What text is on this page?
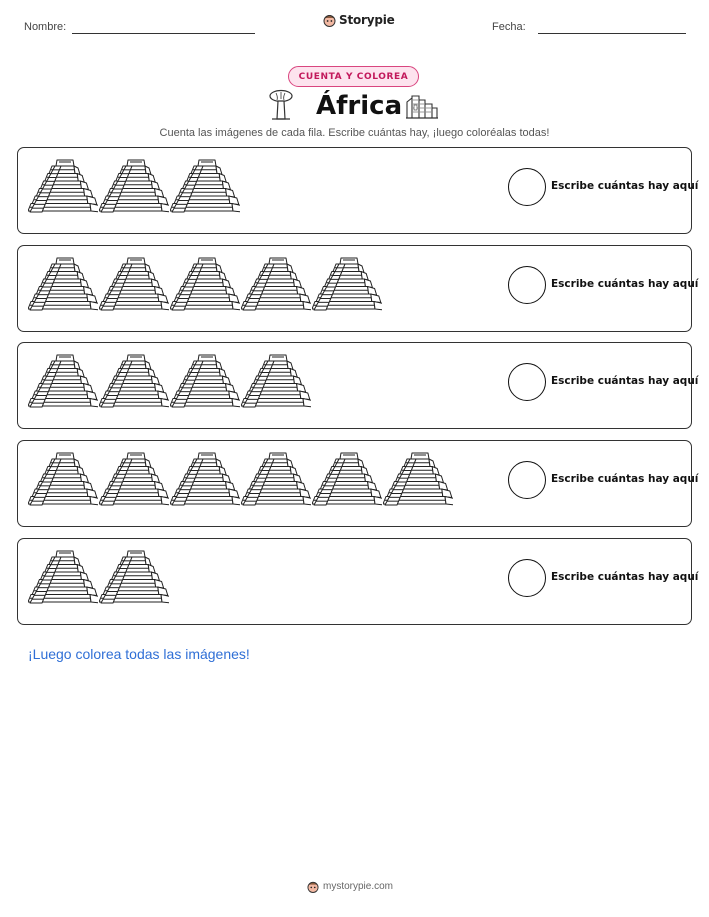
Nombre:	Storypie	Fecha:
CUENTA Y COLOREA
África
Cuenta las imágenes de cada fila. Escribe cuántas hay, ¡luego coloréalas todas!
Escribe cuántas hay aquí
Escribe cuántas hay aquí
Escribe cuántas hay aquí
Escribe cuántas hay aquí
Escribe cuántas hay aquí
¡Luego colorea todas las imágenes!
mystorypie.com
